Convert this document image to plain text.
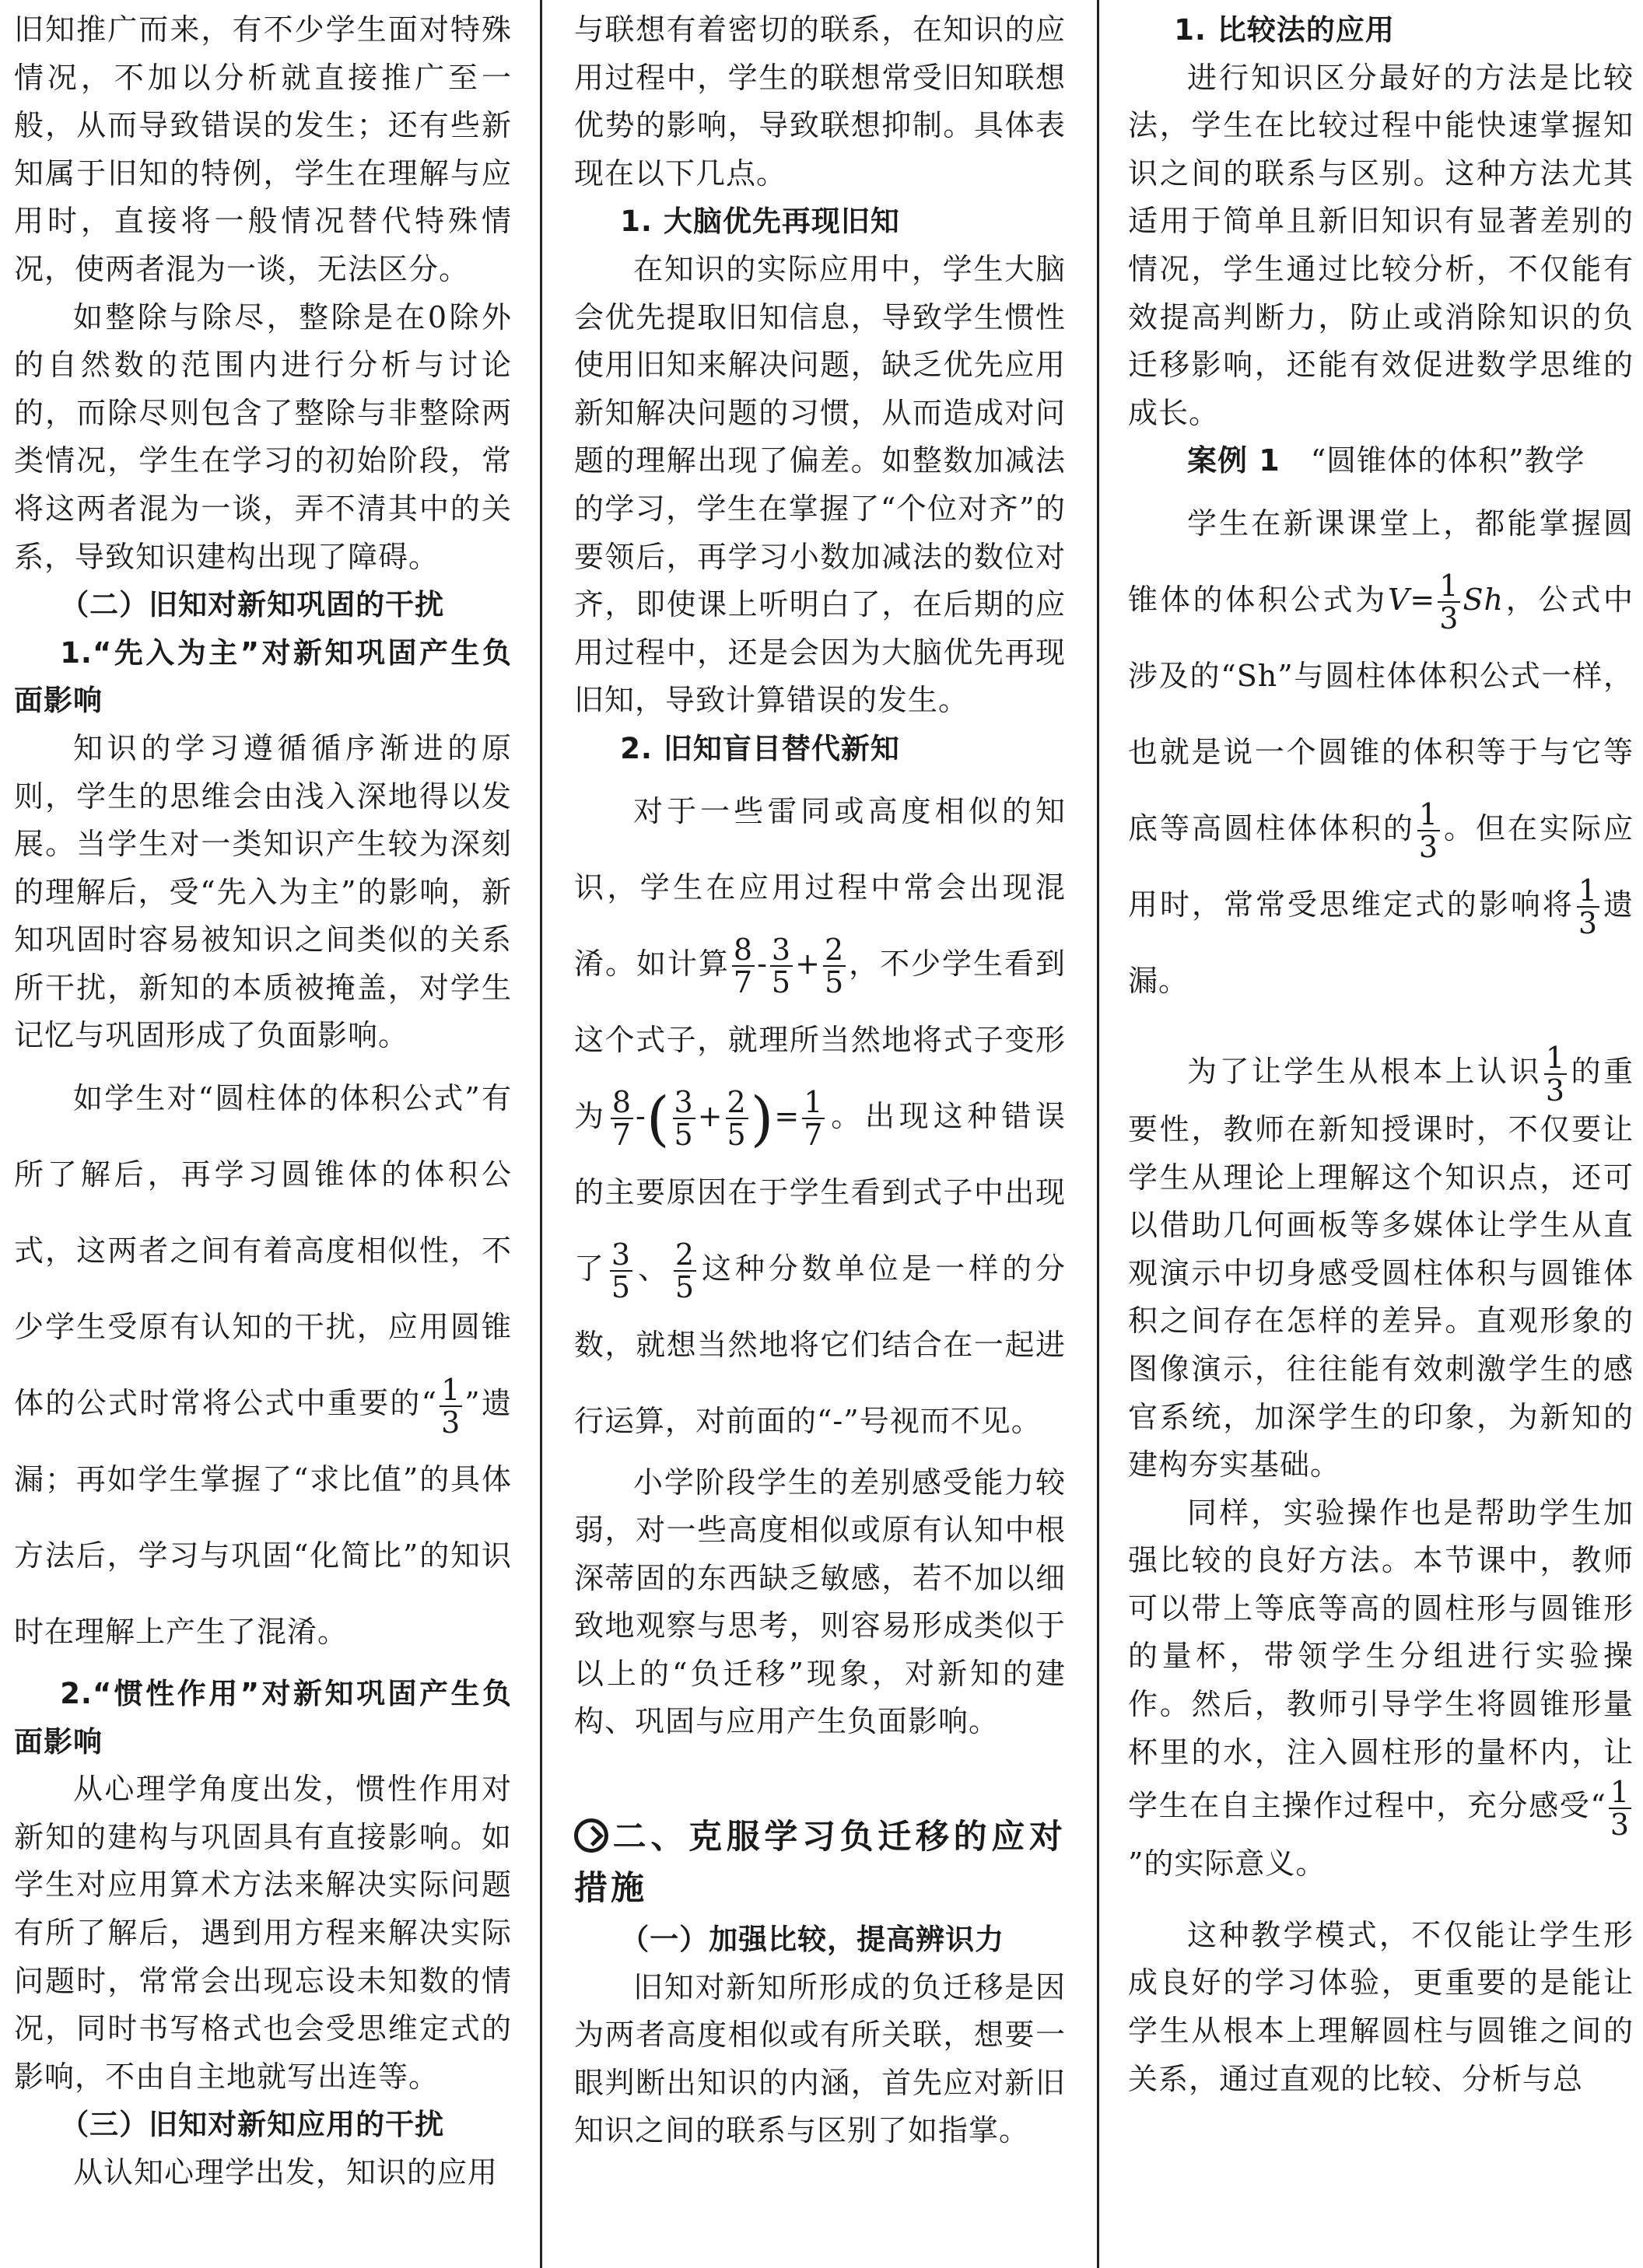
旧知推广而来，有不少学生面对特殊情况，不加以分析就直接推广至一般，从而导致错误的发生；还有些新知属于旧知的特例，学生在理解与应用时，直接将一般情况替代特殊情况，使两者混为一谈，无法区分。

如整除与除尽，整除是在0除外的自然数的范围内进行分析与讨论的，而除尽则包含了整除与非整除两类情况，学生在学习的初始阶段，常将这两者混为一谈，弄不清其中的关系，导致知识建构出现了障碍。

（二）旧知对新知巩固的干扰
1.“先入为主”对新知巩固产生负面影响

知识的学习遵循循序渐进的原则，学生的思维会由浅入深地得以发展。当学生对一类知识产生较为深刻的理解后，受“先入为主”的影响，新知巩固时容易被知识之间类似的关系所干扰，新知的本质被掩盖，对学生记忆与巩固形成了负面影响。

如学生对“圆柱体的体积公式”有所了解后，再学习圆锥体的体积公式，这两者之间有着高度相似性，不少学生受原有认知的干扰，应用圆锥体的公式时常将公式中重要的“ $\frac{1}{3}$ ”遗漏；再如学生掌握了“求比值”的具体方法后，学习与巩固“化简比”的知识时在理解上产生了混淆。

2.“惯性作用”对新知巩固产生负面影响

从心理学角度出发，惯性作用对新知的建构与巩固具有直接影响。如学生对应用算术方法来解决实际问题有所了解后，遇到用方程来解决实际问题时，常常会出现忘设未知数的情况，同时书写格式也会受思维定式的影响，不由自主地就写出连等。

（三）旧知对新知应用的干扰

从认知心理学出发，知识的应用

与联想有着密切的联系，在知识的应用过程中，学生的联想常受旧知联想优势的影响，导致联想抑制。具体表现在以下几点。

1. 大脑优先再现旧知

在知识的实际应用中，学生大脑会优先提取旧知信息，导致学生惯性使用旧知来解决问题，缺乏优先应用新知解决问题的习惯，从而造成对问题的理解出现了偏差。如整数加减法的学习，学生在掌握了“个位对齐”的要领后，再学习小数加减法的数位对齐，即使课上听明白了，在后期的应用过程中，还是会因为大脑优先再现旧知，导致计算错误的发生。

2. 旧知盲目替代新知

对于一些雷同或高度相似的知识，学生在应用过程中常会出现混淆。如计算 $\frac{8}{7} - \frac{3}{5} + \frac{2}{5}$ ，不少学生看到这个式子，就理所当然地将式子变形为 $\frac{8}{7}$ -( $\frac{3}{5} + \frac{2}{5}$ )= $\frac{1}{7}$ 。出现这种错误的主要原因在于学生看到式子中出现了 $\frac{3}{5}$ 、 $\frac{2}{5}$ 这种分数单位是一样的分数，就想当然地将它们结合在一起进行运算，对前面的“-”号视而不见。

小学阶段学生的差别感受能力较弱，对一些高度相似或原有认知中根深蒂固的东西缺乏敏感，若不加以细致地观察与思考，则容易形成类似于以上的“负迁移”现象，对新知的建构、巩固与应用产生负面影响。

二、克服学习负迁移的应对措施
（一）加强比较，提高辨识力

旧知对新知所形成的负迁移是因为两者高度相似或有所关联，想要一眼判断出知识的内涵，首先应对新旧知识之间的联系与区别了如指掌。

1. 比较法的应用

进行知识区分最好的方法是比较法，学生在比较过程中能快速掌握知识之间的联系与区别。这种方法尤其适用于简单且新旧知识有显著差别的情况，学生通过比较分析，不仅能有效提高判断力，防止或消除知识的负迁移影响，还能有效促进数学思维的成长。

案例 1　 “圆锥体的体积”教学

学生在新课课堂上，都能掌握圆锥体的体积公式为$V= \frac{1}{3}$ Sh，公式中涉及的“Sh”与圆柱体体积公式一样，也就是说一个圆锥的体积等于与它等底等高圆柱体体积的 $\frac{1}{3}$ 。但在实际应用时，常常受思维定式的影响将 $\frac{1}{3}$ 遗漏。

为了让学生从根本上认识 $\frac{1}{3}$ 的重要性，教师在新知授课时，不仅要让学生从理论上理解这个知识点，还可以借助几何画板等多媒体让学生从直观演示中切身感受圆柱体积与圆锥体积之间存在怎样的差异。直观形象的图像演示，往往能有效刺激学生的感官系统，加深学生的印象，为新知的建构夯实基础。

同样，实验操作也是帮助学生加强比较的良好方法。本节课中，教师可以带上等底等高的圆柱形与圆锥形的量杯，带领学生分组进行实验操作。然后，教师引导学生将圆锥形量杯里的水，注入圆柱形的量杯内，让学生在自主操作过程中，充分感受“ $\frac{1}{3}$
”的实际意义。

这种教学模式，不仅能让学生形成良好的学习体验，更重要的是能让学生从根本上理解圆柱与圆锥之间的关系，通过直观的比较、分析与总
